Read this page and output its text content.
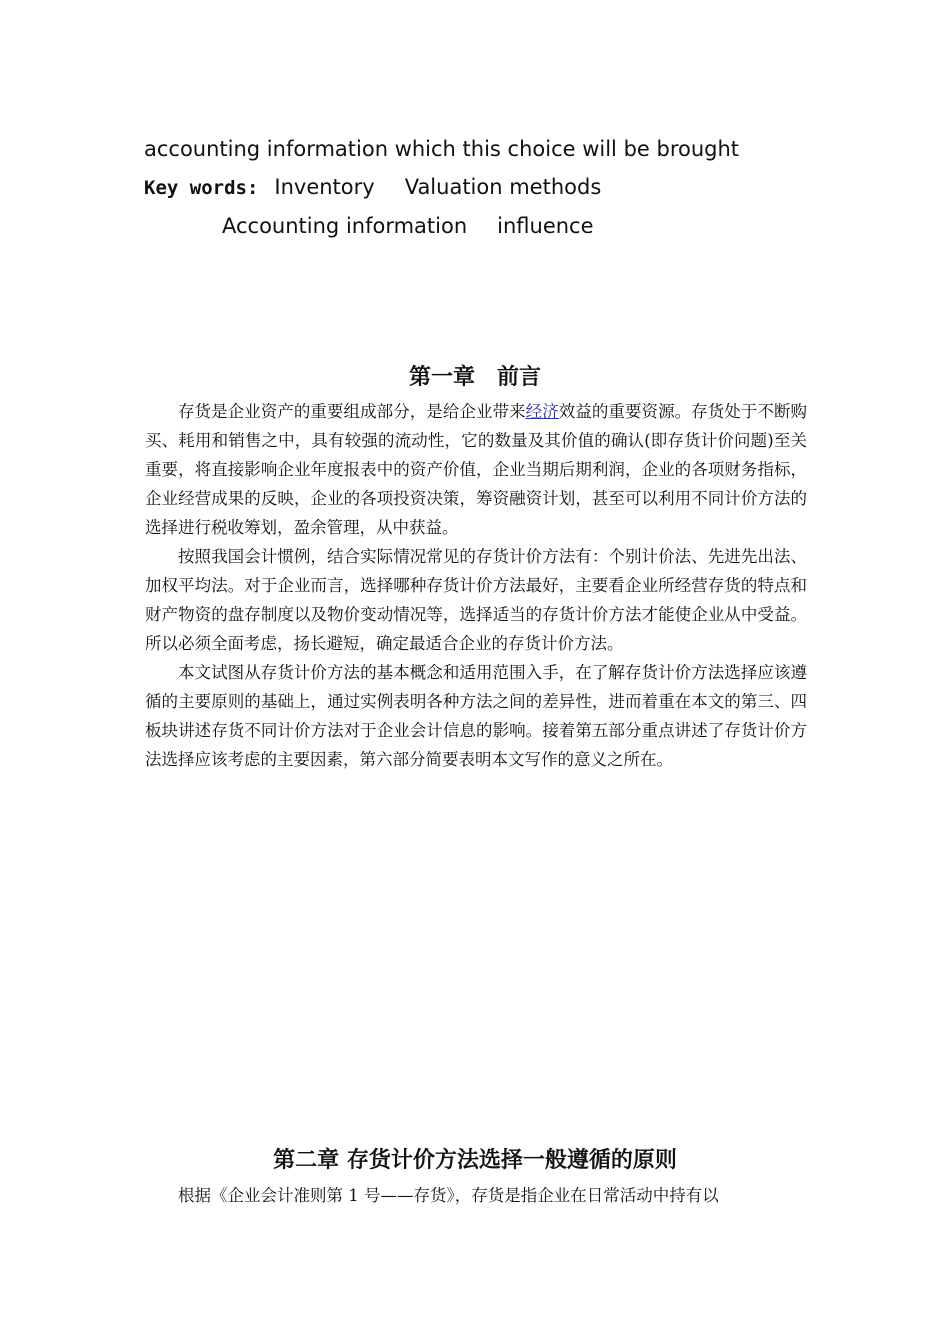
accounting information which this choice will be brought
Key words: Inventory Valuation methods
Accounting information influence
第一章　前言

存货是企业资产的重要组成部分，是给企业带来经济效益的重要资源。存货处于不断购买、耗用和销售之中，具有较强的流动性，它的数量及其价值的确认(即存货计价问题)至关重要，将直接影响企业年度报表中的资产价值，企业当期后期利润，企业的各项财务指标，企业经营成果的反映，企业的各项投资决策，筹资融资计划，甚至可以利用不同计价方法的选择进行税收筹划，盈余管理，从中获益。

按照我国会计惯例，结合实际情况常见的存货计价方法有：个别计价法、先进先出法、加权平均法。对于企业而言，选择哪种存货计价方法最好，主要看企业所经营存货的特点和财产物资的盘存制度以及物价变动情况等，选择适当的存货计价方法才能使企业从中受益。所以必须全面考虑，扬长避短，确定最适合企业的存货计价方法。

本文试图从存货计价方法的基本概念和适用范围入手，在了解存货计价方法选择应该遵循的主要原则的基础上，通过实例表明各种方法之间的差异性，进而着重在本文的第三、四板块讲述存货不同计价方法对于企业会计信息的影响。接着第五部分重点讲述了存货计价方法选择应该考虑的主要因素，第六部分简要表明本文写作的意义之所在。

第二章 存货计价方法选择一般遵循的原则

根据《企业会计准则第 1 号——存货》，存货是指企业在日常活动中持有以
